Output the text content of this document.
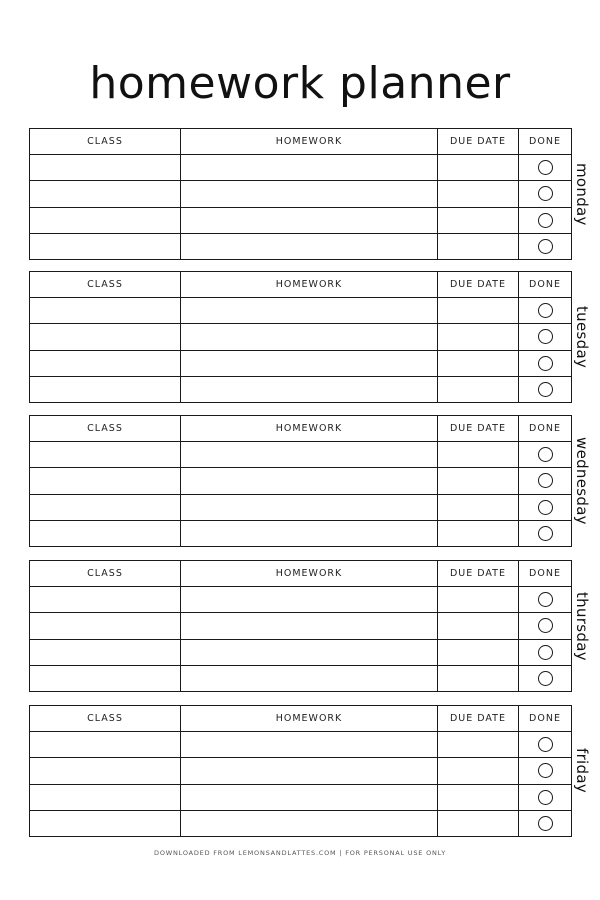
homework planner
CLASS	HOMEWORK	DUE DATE	DONE

monday
CLASS	HOMEWORK	DUE DATE	DONE

tuesday
CLASS	HOMEWORK	DUE DATE	DONE

wednesday
CLASS	HOMEWORK	DUE DATE	DONE

thursday
CLASS	HOMEWORK	DUE DATE	DONE

friday
DOWNLOADED FROM LEMONSANDLATTES.COM | FOR PERSONAL USE ONLY
